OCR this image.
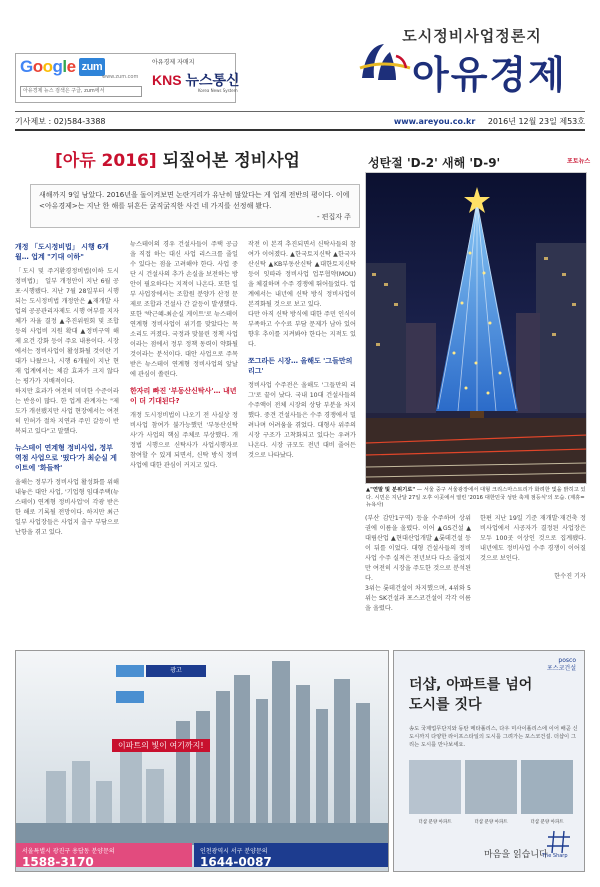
Google zum
www.zum.com
아유경제 뉴스 검색은 구글, zum에서
아유경제 자매지
KNS 뉴스통신
Korea News System
도시정비사업정론지
아유경제
기사제보 : 02)584-3388	www.areyou.co.kr 2016년 12월 23일 제53호
[아듀 2016] 되짚어본 정비사업
새해까지 9일 남았다. 2016년을 돌이켜보면 논란거리가 유난히 많았다는 게 업계 전반의 평이다. 이에 <아유경제>는 지난 한 해를 뒤흔든 굵직굵직한 사건 네 가지를 선정해 봤다.
- 편집자 주
개정 「도시정비법」 시행 6개월… 업계 "기대 이하"

「도시 및 주거환경정비법(이하 도시정비법)」 일부 개정안이 지난 6월 공포·시행됐다. 지난 7월 28일부터 시행되는 도시정비법 개정안은 ▲재개발 사업의 공공관리자제도 시행 여부를 지자체가 자율 결정 ▲추진위원회 및 조합 등의 사업비 지원 확대 ▲정비구역 해제 요건 강화 등이 주요 내용이다. 시장에서는 정비사업이 활성화될 것이란 기대가 나왔으나, 시행 6개월이 지난 현재 업계에서는 체감 효과가 크지 않다는 평가가 지배적이다.

하지만 효과가 여전히 미미한 수준이라는 반응이 많다. 한 업계 관계자는 "제도가 개선됐지만 사업 현장에서는 여전히 인허가 절차 지연과 주민 갈등이 반복되고 있다"고 말했다.

뉴스테이 연계형 정비사업, 정부 역점 사업으로 '떴다'가 최순실 게이트에 '화들짝'

올해는 정부가 정비사업 활성화를 위해 내놓은 대안 사업, '기업형 임대주택(뉴스테이) 연계형 정비사업'이 각광 받은 한 해로 기록될 전망이다. 하지만 최근 일부 사업장들은 사업지 출구 부담으로 난항을 겪고 있다.

뉴스테이의 경우 건설사들이 주택 공급을 직접 하는 대신 사업 리스크를 줄일 수 있다는 점을 고려해야 한다. 사업 중단 시 건설사의 추가 손실을 보전하는 방안이 필요하다는 지적이 나온다. 또한 일부 사업장에서는 조합원 분양가 산정 문제로 조합과 건설사 간 갈등이 발생했다.

또한 '박근혜-최순실 게이트'로 뉴스테이 연계형 정비사업이 위기를 맞았다는 목소리도 커졌다. 국정과 맞물린 정책 사업이라는 점에서 정부 정책 동력이 약화될 것이라는 분석이다. 대안 사업으로 주목받은 뉴스테이 연계형 정비사업의 앞날에 관심이 쏠린다.

한자리 빠진 '부동산신탁사'… 내년이 더 기대된다?

개정 도시정비법이 나오기 전 사실상 정비사업 참여가 불가능했던 '부동산신탁사'가 사업의 핵심 주체로 부상했다. 개정법 시행으로 신탁사가 사업시행자로 참여할 수 있게 되면서, 신탁 방식 정비사업에 대한 관심이 커지고 있다.

작전 이 본격 추진되면서 신탁사들의 참여가 이어졌다. ▲한국토지신탁 ▲한국자산신탁 ▲KB부동산신탁 ▲대한토지신탁 등이 잇따라 정비사업 업무협약(MOU)을 체결하며 수주 경쟁에 뛰어들었다. 업계에서는 내년에 신탁 방식 정비사업이 본격화될 것으로 보고 있다.

다만 아직 신탁 방식에 대한 주민 인식이 부족하고 수수료 부담 문제가 남아 있어 향후 추이를 지켜봐야 한다는 지적도 있다.

쪼그라든 시장… 올해도 '그들만의 리그'

정비사업 수주전은 올해도 '그들만의 리그'로 끝이 났다. 국내 10대 건설사들의 수주액이 전체 시장의 상당 부분을 차지했다. 중견 건설사들은 수주 경쟁에서 밀려나며 어려움을 겪었다. 대형사 위주의 시장 구조가 고착화되고 있다는 우려가 나온다. 시장 규모도 전년 대비 줄어든 것으로 나타났다.

성탄절 'D-2' 새해 'D-9'	포토뉴스
▲"연말 및 분위기로" — 서울 중구 서울광장에서 대형 크리스마스트리가 화려한 빛을 밝히고 있다. 시민은 지난달 27일 오후 이곳에서 열린 '2016 대한민국 성탄 축제 점등식'의 모습. (제휴=뉴욕사)

(부산 감만1구역) 등을 수주하며 상위권에 이름을 올렸다. 이어 ▲GS건설 ▲대림산업 ▲현대산업개발 ▲롯데건설 등이 뒤를 이었다. 대형 건설사들의 정비사업 수주 실적은 전년보다 다소 줄었지만 여전히 시장을 주도한 것으로 분석된다.

3위는 롯데건설이 차지했으며, 4위와 5위는 SK건설과 포스코건설이 각각 이름을 올렸다.

한편 지난 19일 기준 재개발·재건축 정비사업에서 시공자가 결정된 사업장은 모두 100곳 이상인 것으로 집계됐다. 내년에도 정비사업 수주 경쟁이 이어질 것으로 보인다.

한수진 기자

광고
이파트의 빛이 여기까지!
서울특별시 광진구 용답동 분양문의
1588-3170
인천광역시 서구 분양문의
1644-0087
posco
포스코건설
더샵, 아파트를 넘어
도시를 짓다
송도 국제업무단지와 동탄 메타폴리스, 다우 미사이폴리스에 이어 배곧 신도시까지 다양한 라이프스타일의 도시를 그려가는 포스코건설. 더샵이 그리는 도시를 만나보세요.
더샵 분양 아파트	더샵 분양 아파트	더샵 분양 아파트
마음을 읽습니다
The Sharp
